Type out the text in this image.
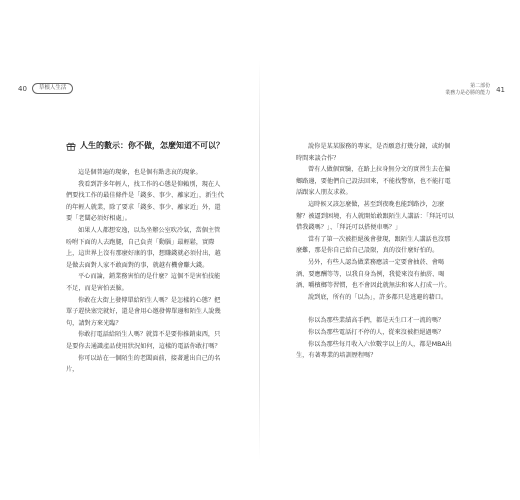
40	草根人生活	第二部份
業務力是必勝的能力 41
人生的數示：你不做，怎麼知道不可以？

這是個普遍的現象，也是個有點悲哀的現象。

我看到許多年輕人，找工作的心態是仰賴別，現在人們要找工作的最佳條件是「錢多、事少、離家近」，新生代的年輕人就業，除了要求「錢多、事少、離家近」外，還要「老闆必須好相處」。

如果人人都想安逸，以為坐辦公室吹冷氣，當個主管吩咐下面的人去跑腿，自己負責「動腦」最輕鬆，實際上，這世界上沒有那麼好康的事，想賺錢就必須付出，越是做去面對人家不敢面對的事，就越有機會賺大錢。

平心而論，銷業務害怕的是什麼？這個不是害怕技能不足，而是害怕丟臉。

你敢在大街上發傳單給陌生人嗎？是怎樣的心態？把單子趕快塞完就好，還是會用心邀發傳單邊和陌生人說幾句，請對方來光臨？

你敢打電話給陌生人嗎？就算不是要你推銷東西，只是要你去通識產品使用狀況如何，這樣的電話你敢打嗎？

你可以站在一個陌生的老闆面前，接著遞出自己的名片，

說你是某某服務的專家，是否願意打幾分鐘，或約個時間來談合作？

曾有人做個實驗，在路上拉身無分文的實習生去在偏鄉路邊，要他們自己設法回來，不能找警察，也不能打電話跟家人朋友求救。

這時候又該怎麼做，甚至到夜晚也能到路沙，怎麼辦？被逼到困境，有人就開始敢跟陌生人講話：「拜託可以借我錢嗎？」、「拜託可以搭便車嗎？」

當有了第一次被拒絕後會發現，跟陌生人講話也沒那麼難，那是你自己給自己設限，真的沒什麼好怕的。

另外，有些人認為做業務應該一定要會抽菸、會喝酒、要應酬等等，以我自身為例，我從來沒有抽菸、喝酒、嚼檳榔等習慣，也不會因此就無法和客人打成一片。

說到底，所有的「以為」，許多都只是逃避的藉口。

你以為那些業績高手們，都是天生口才一流的嗎？

你以為那些電話打不停的人，從來沒被拒絕過嗎？

你以為那些每月收入六位數字以上的人，都是MBA出生，有著專業的培訓歷程嗎？
